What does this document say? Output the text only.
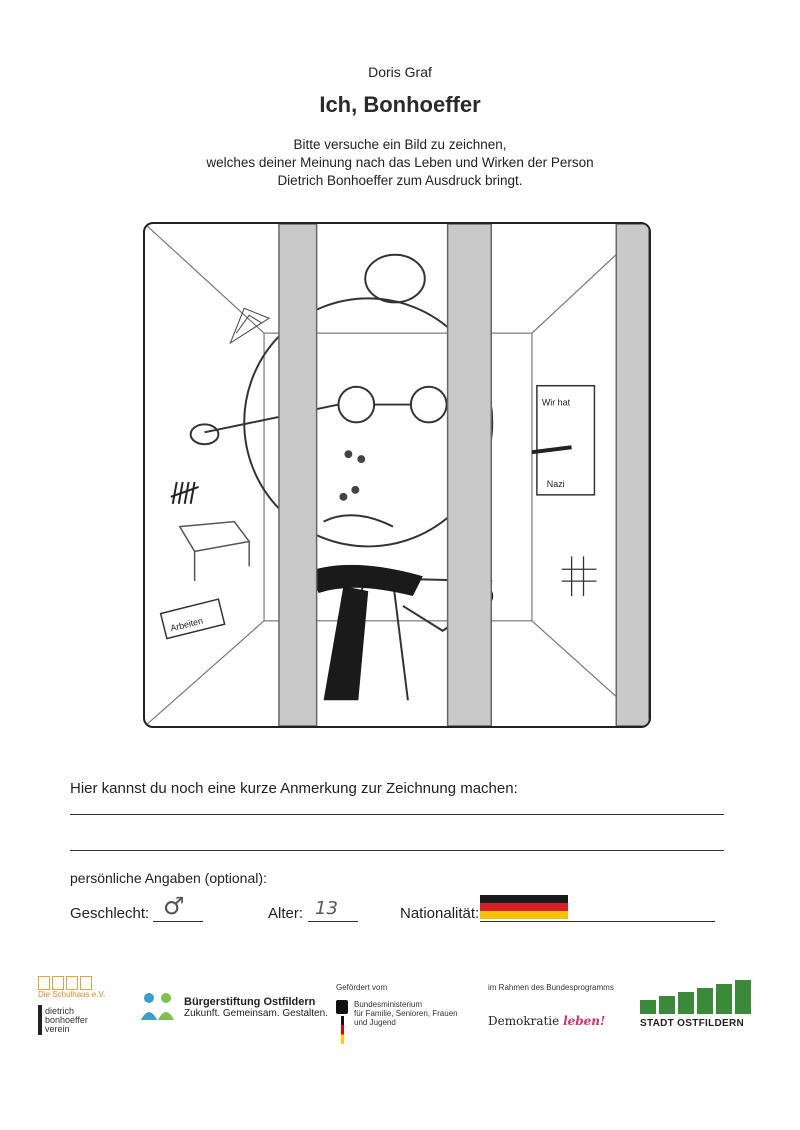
Doris Graf
Ich, Bonhoeffer
Bitte versuche ein Bild zu zeichnen,
welches deiner Meinung nach das Leben und Wirken der Person
Dietrich Bonhoeffer zum Ausdruck bringt.
Arbeiten
Wir hat
Nazi
Hier kannst du noch eine kurze Anmerkung zur Zeichnung machen:
persönliche Angaben (optional):
Geschlecht: ♂	Alter: 13	Nationalität:
Die Schulhaus e.V.
dietrich
bonhoeffer
verein
Bürgerstiftung Ostfildern
Zukunft. Gemeinsam. Gestalten.
Gefördert vom
Bundesministerium
für Familie, Senioren, Frauen
und Jugend
im Rahmen des Bundesprogramms
Demokratie leben!	STADT OSTFILDERN
